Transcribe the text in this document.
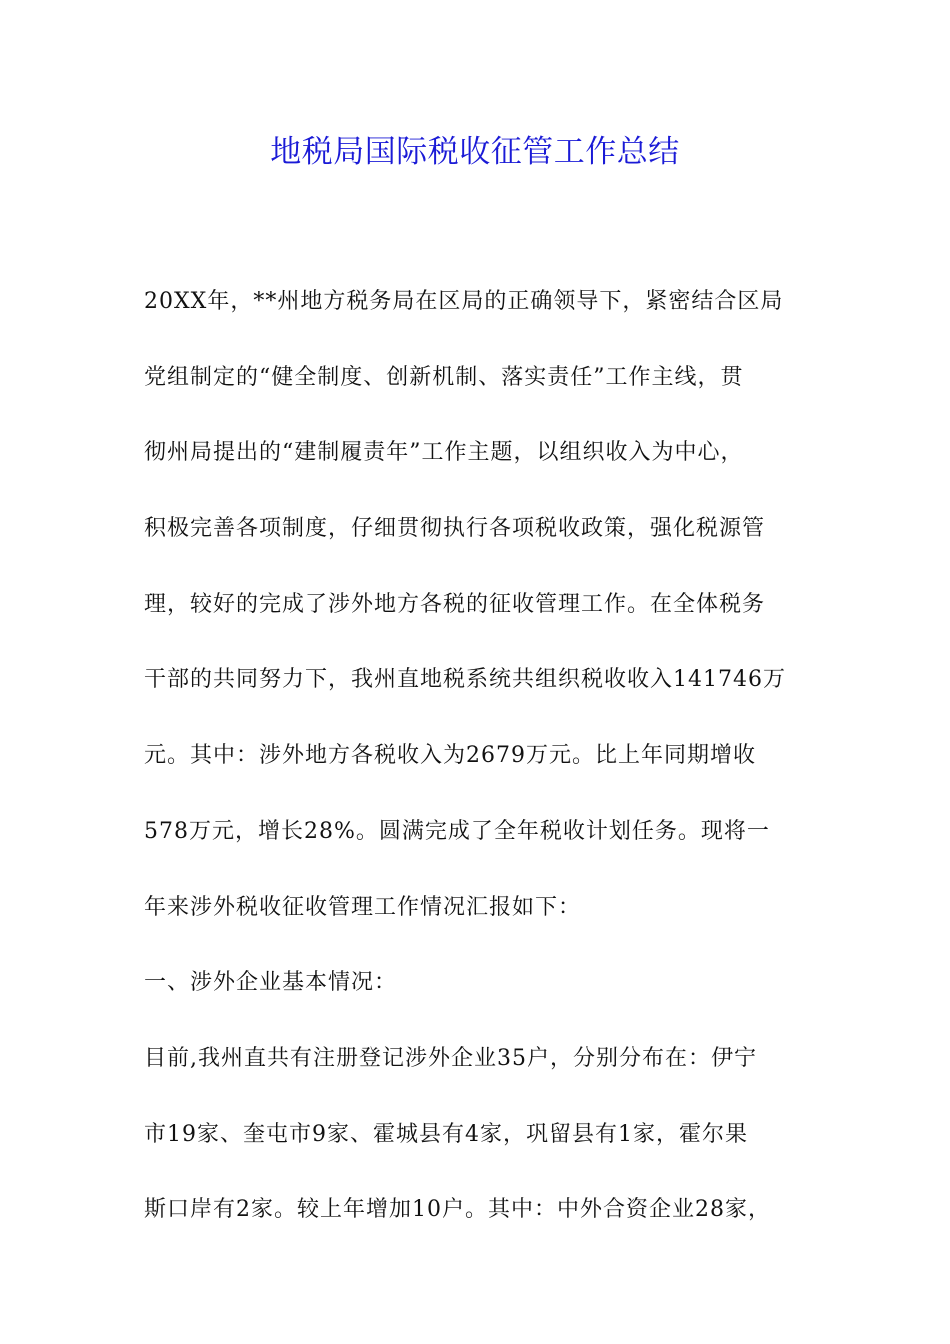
地税局国际税收征管工作总结
20XX年，**州地方税务局在区局的正确领导下，紧密结合区局
党组制定的“健全制度、创新机制、落实责任”工作主线，贯
彻州局提出的“建制履责年”工作主题，以组织收入为中心，
积极完善各项制度，仔细贯彻执行各项税收政策，强化税源管
理，较好的完成了涉外地方各税的征收管理工作。在全体税务
干部的共同努力下，我州直地税系统共组织税收收入141746万
元。其中：涉外地方各税收入为2679万元。比上年同期增收
578万元，增长28%。圆满完成了全年税收计划任务。现将一
年来涉外税收征收管理工作情况汇报如下：
一、涉外企业基本情况：
目前,我州直共有注册登记涉外企业35户，分别分布在：伊宁
市19家、奎屯市9家、霍城县有4家，巩留县有1家，霍尔果
斯口岸有2家。较上年增加10户。其中：中外合资企业28家，
